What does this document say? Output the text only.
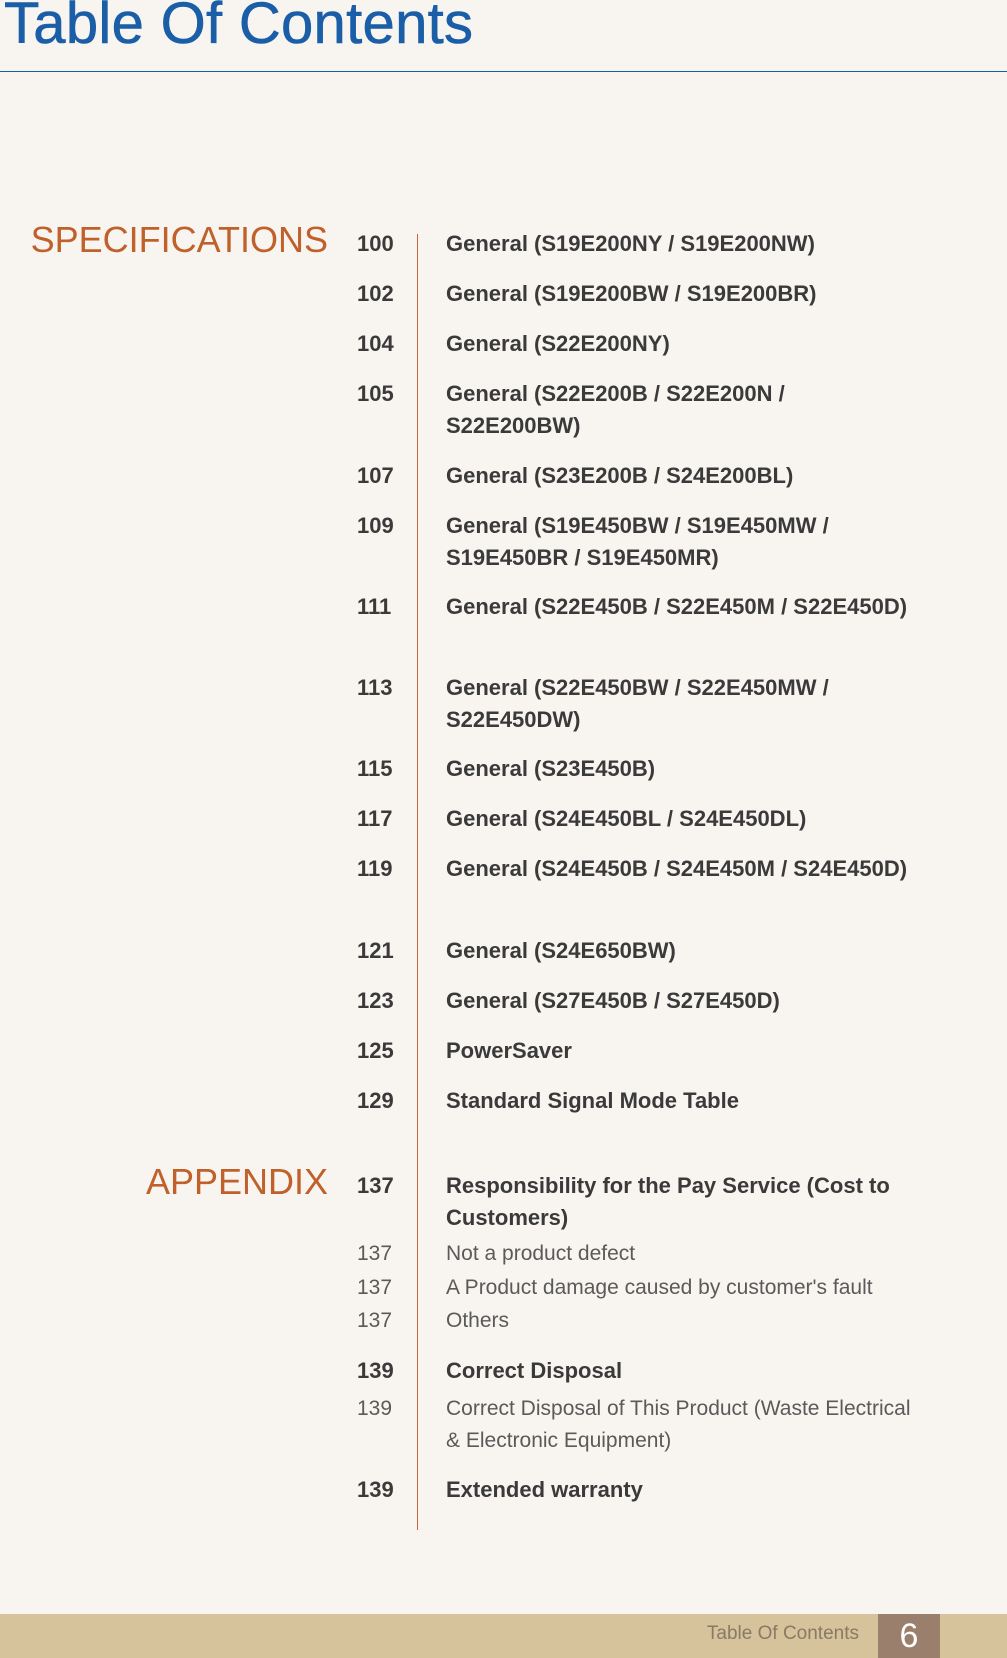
Table Of Contents
SPECIFICATIONS 100	General (S19E200NY / S19E200NW)
102	General (S19E200BW / S19E200BR)
104	General (S22E200NY)
105	General (S22E200B / S22E200N / S22E200BW)
107	General (S23E200B / S24E200BL)
109	General (S19E450BW / S19E450MW / S19E450BR / S19E450MR)
111	General (S22E450B / S22E450M / S22E450D)
113	General (S22E450BW / S22E450MW / S22E450DW)
115	General (S23E450B)
117	General (S24E450BL / S24E450DL)
119	General (S24E450B / S24E450M / S24E450D)
121	General (S24E650BW)
123	General (S27E450B / S27E450D)
125	PowerSaver
129	Standard Signal Mode Table
APPENDIX 137	Responsibility for the Pay Service (Cost to Customers)
137	Not a product defect
137	A Product damage caused by customer's fault
137	Others
139	Correct Disposal
139	Correct Disposal of This Product (Waste Electrical & Electronic Equipment)
139	Extended warranty
Table Of Contents	6
